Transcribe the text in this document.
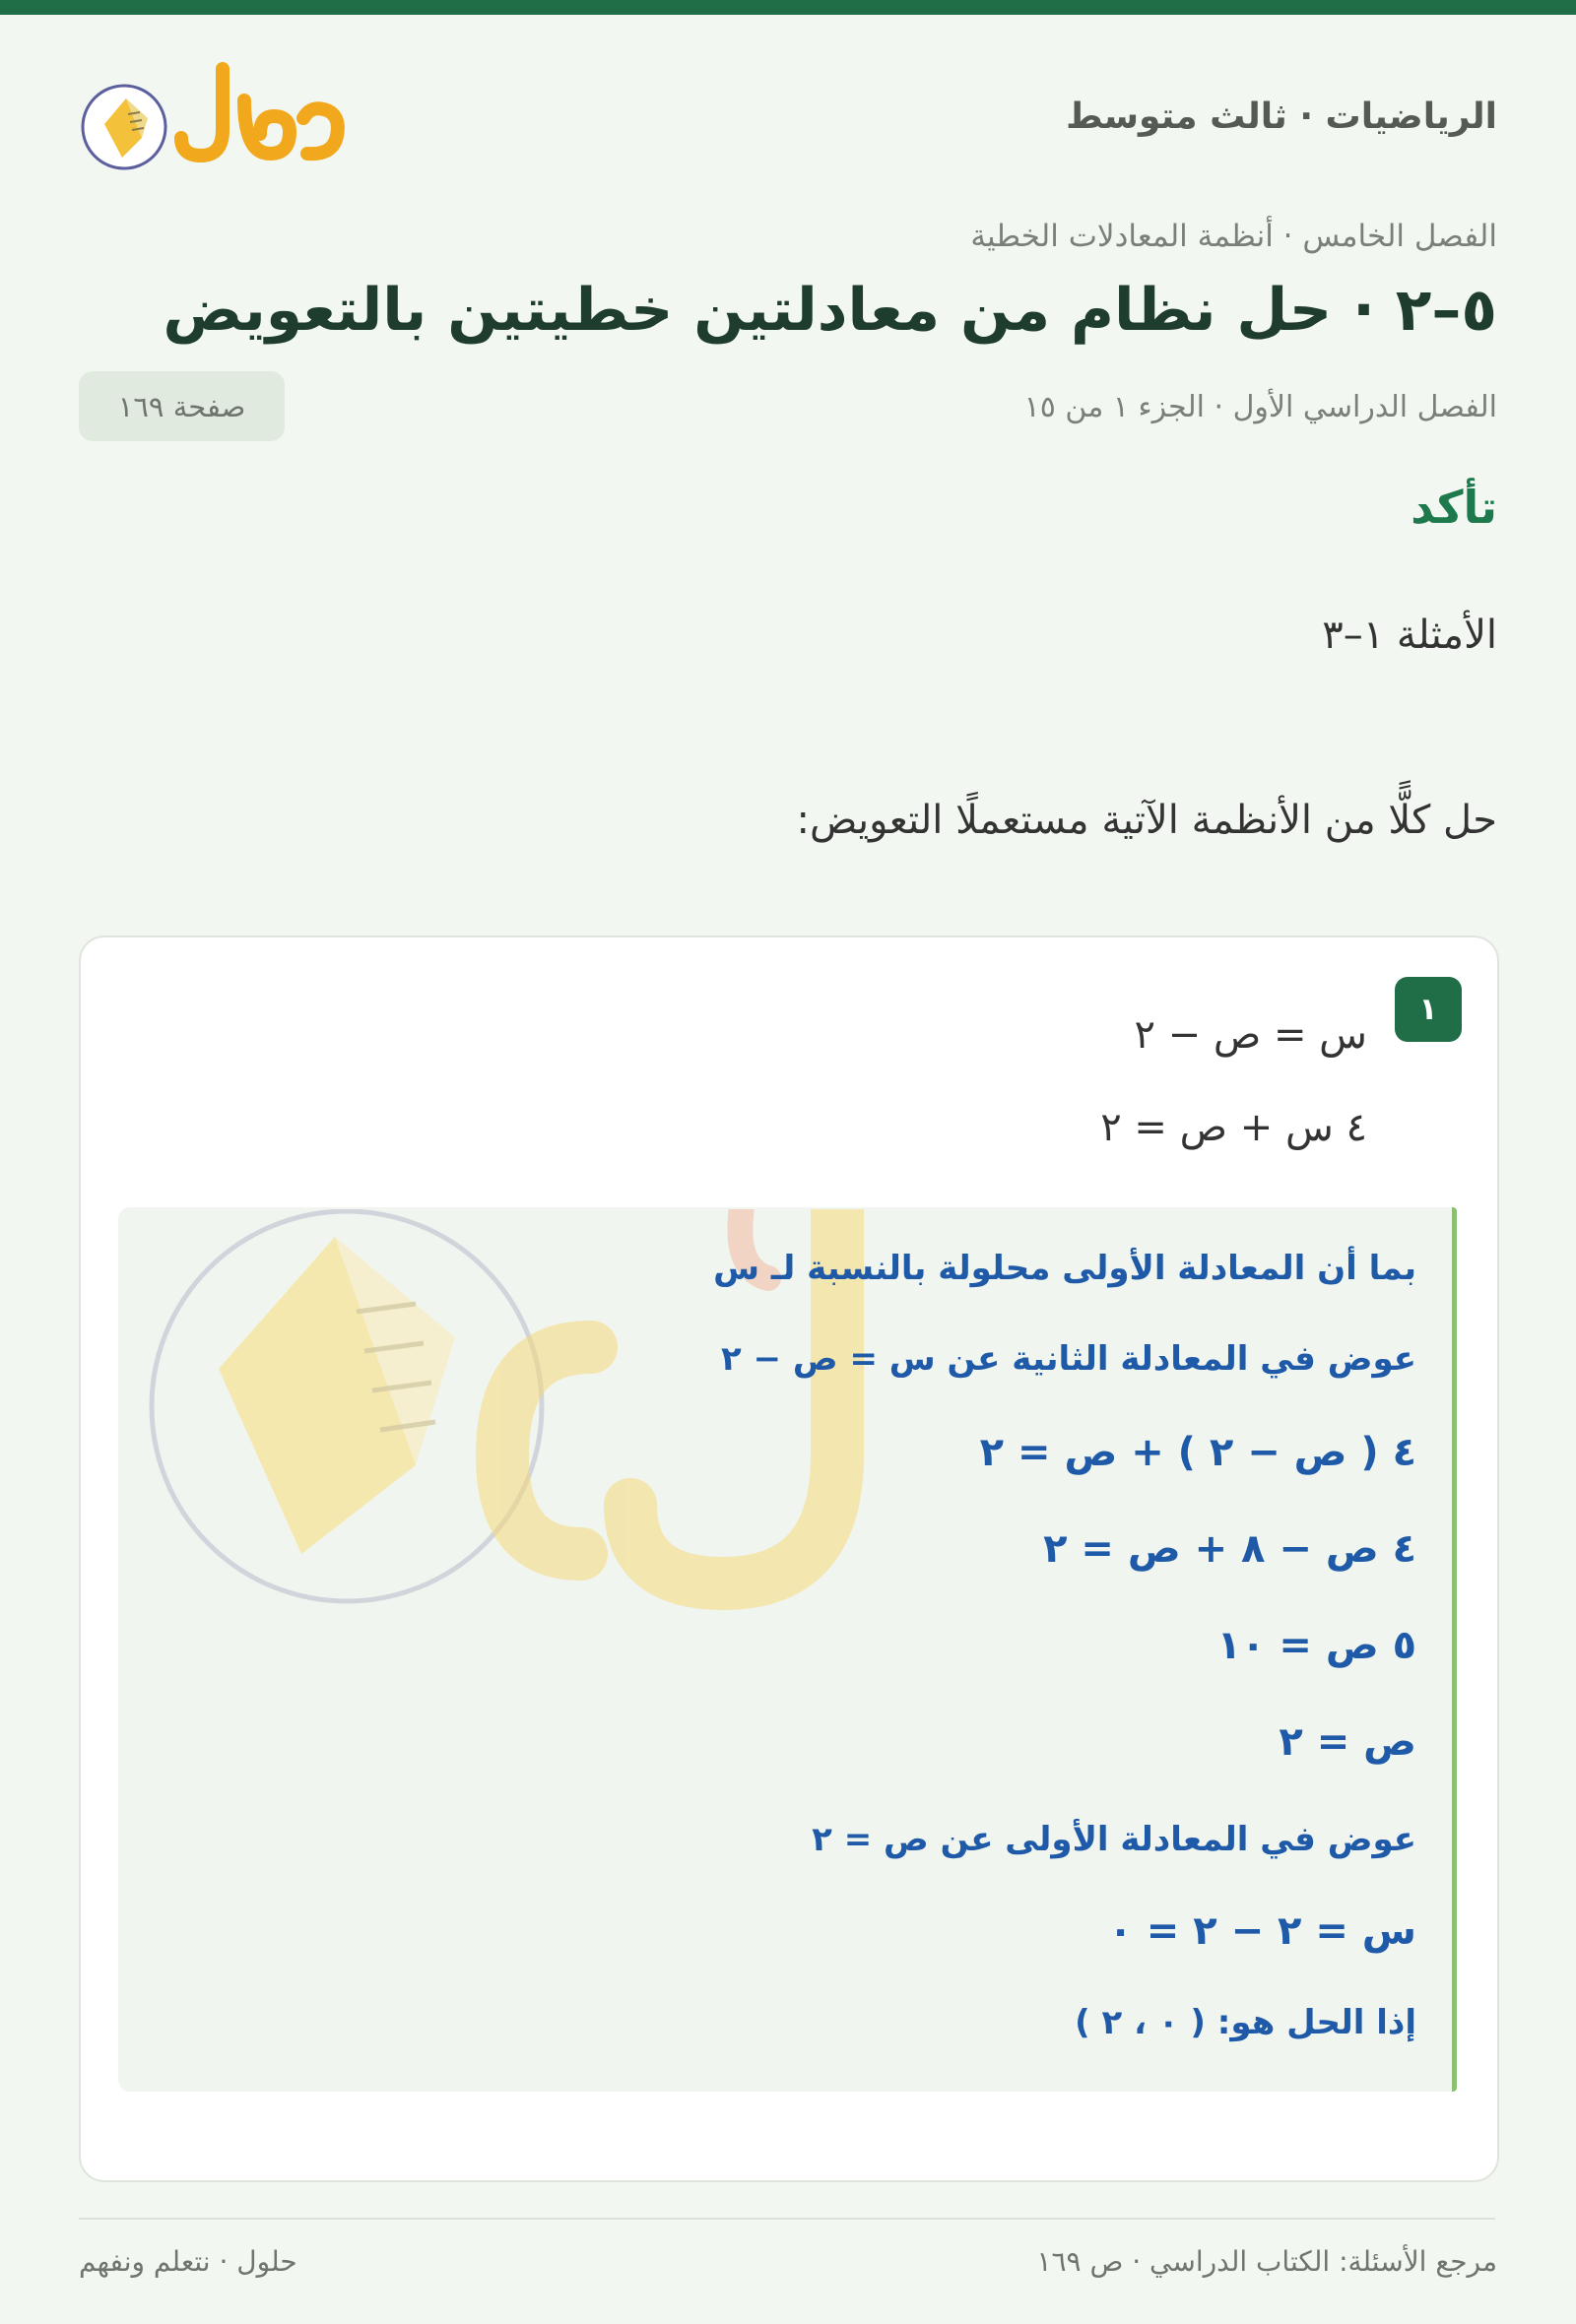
الرياضيات · ثالث متوسط
الفصل الخامس · أنظمة المعادلات الخطية
٥–٢ · حل نظام من معادلتين خطيتين بالتعويض
الفصل الدراسي الأول · الجزء ١ من ١٥
صفحة ١٦٩
تأكد
الأمثلة ١–٣
حل كلًّا من الأنظمة الآتية مستعملًا التعويض:
١
س = ص − ٢
٤ س + ص = ٢
بما أن المعادلة الأولى محلولة بالنسبة لـ س
عوض في المعادلة الثانية عن س = ص − ٢
٤ ( ص − ٢ ) + ص = ٢
٤ ص − ٨ + ص = ٢
٥ ص = ١٠
ص = ٢
عوض في المعادلة الأولى عن ص = ٢
س = ٢ − ٢ = ٠
إذا الحل هو: ( ٠ ، ٢ )
مرجع الأسئلة: الكتاب الدراسي · ص ١٦٩
حلول · نتعلم ونفهم
